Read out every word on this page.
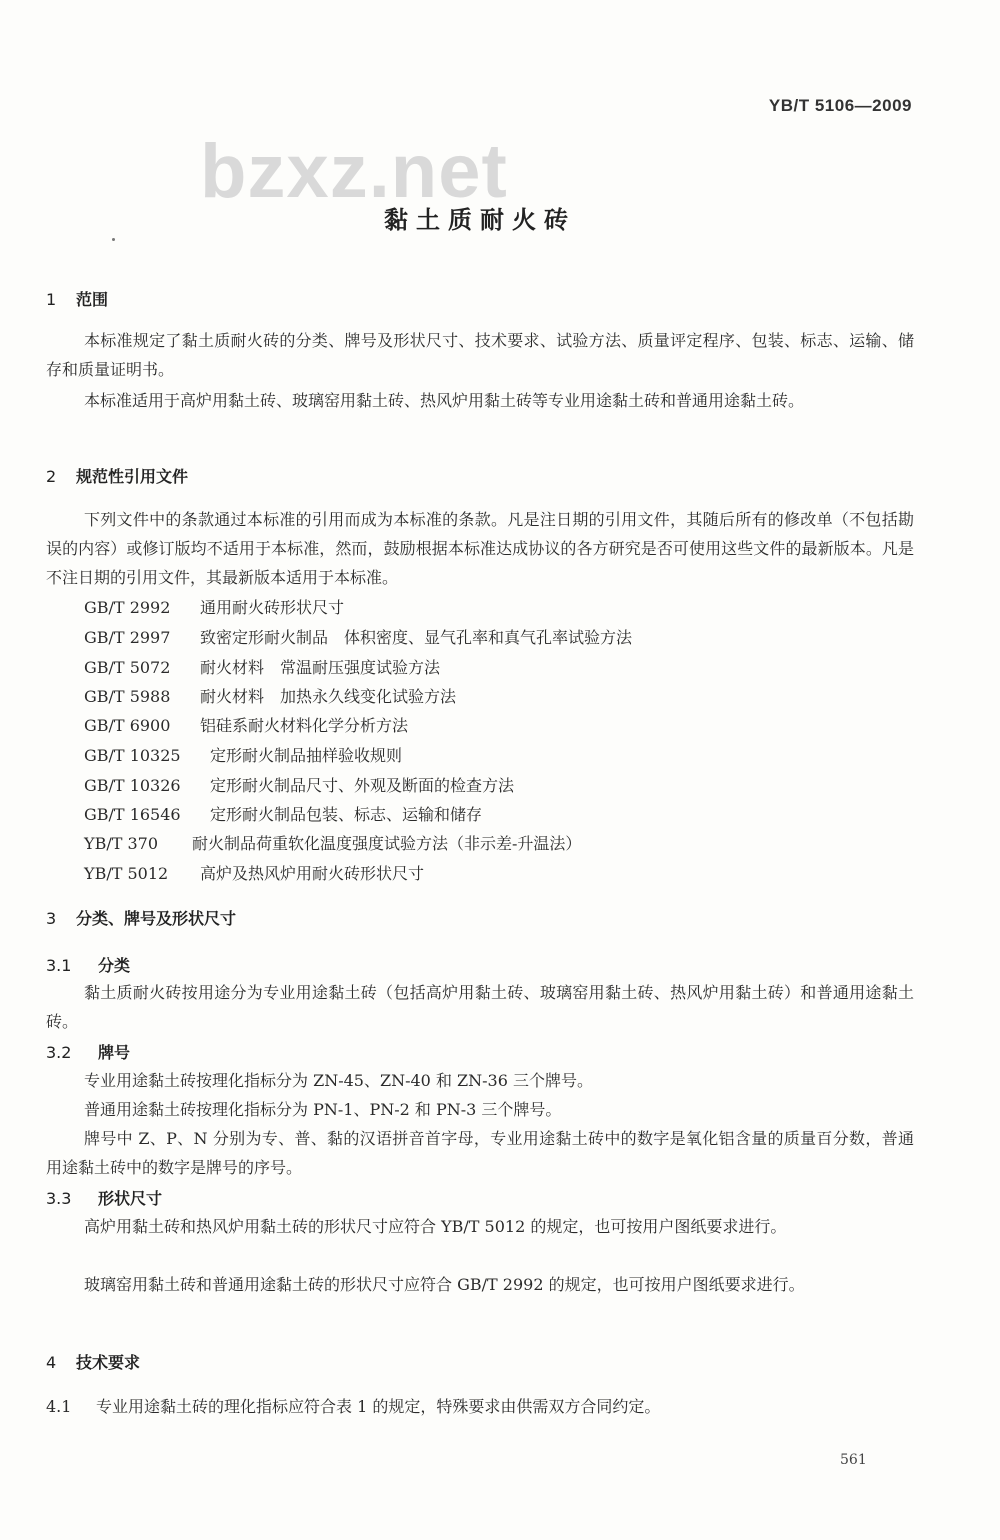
YB/T 5106—2009
bzxz.net
黏土质耐火砖
1 范围
本标准规定了黏土质耐火砖的分类、牌号及形状尺寸、技术要求、试验方法、质量评定程序、包装、标志、运输、储存和质量证明书。
本标准适用于高炉用黏土砖、玻璃窑用黏土砖、热风炉用黏土砖等专业用途黏土砖和普通用途黏土砖。
2 规范性引用文件
下列文件中的条款通过本标准的引用而成为本标准的条款。凡是注日期的引用文件，其随后所有的修改单（不包括勘误的内容）或修订版均不适用于本标准，然而，鼓励根据本标准达成协议的各方研究是否可使用这些文件的最新版本。凡是不注日期的引用文件，其最新版本适用于本标准。
GB/T 2992 通用耐火砖形状尺寸
GB/T 2997 致密定形耐火制品　体积密度、显气孔率和真气孔率试验方法
GB/T 5072 耐火材料　常温耐压强度试验方法
GB/T 5988 耐火材料　加热永久线变化试验方法
GB/T 6900 铝硅系耐火材料化学分析方法
GB/T 10325 定形耐火制品抽样验收规则
GB/T 10326 定形耐火制品尺寸、外观及断面的检查方法
GB/T 16546 定形耐火制品包装、标志、运输和储存
YB/T 370 耐火制品荷重软化温度强度试验方法（非示差-升温法）
YB/T 5012 高炉及热风炉用耐火砖形状尺寸
3 分类、牌号及形状尺寸
3.1 分类
黏土质耐火砖按用途分为专业用途黏土砖（包括高炉用黏土砖、玻璃窑用黏土砖、热风炉用黏土砖）和普通用途黏土砖。
3.2 牌号
专业用途黏土砖按理化指标分为 ZN-45、ZN-40 和 ZN-36 三个牌号。
普通用途黏土砖按理化指标分为 PN-1、PN-2 和 PN-3 三个牌号。
牌号中 Z、P、N 分别为专、普、黏的汉语拼音首字母，专业用途黏土砖中的数字是氧化铝含量的质量百分数，普通用途黏土砖中的数字是牌号的序号。
3.3 形状尺寸
高炉用黏土砖和热风炉用黏土砖的形状尺寸应符合 YB/T 5012 的规定，也可按用户图纸要求进行。
玻璃窑用黏土砖和普通用途黏土砖的形状尺寸应符合 GB/T 2992 的规定，也可按用户图纸要求进行。
4 技术要求
4.1 专业用途黏土砖的理化指标应符合表 1 的规定，特殊要求由供需双方合同约定。
561
